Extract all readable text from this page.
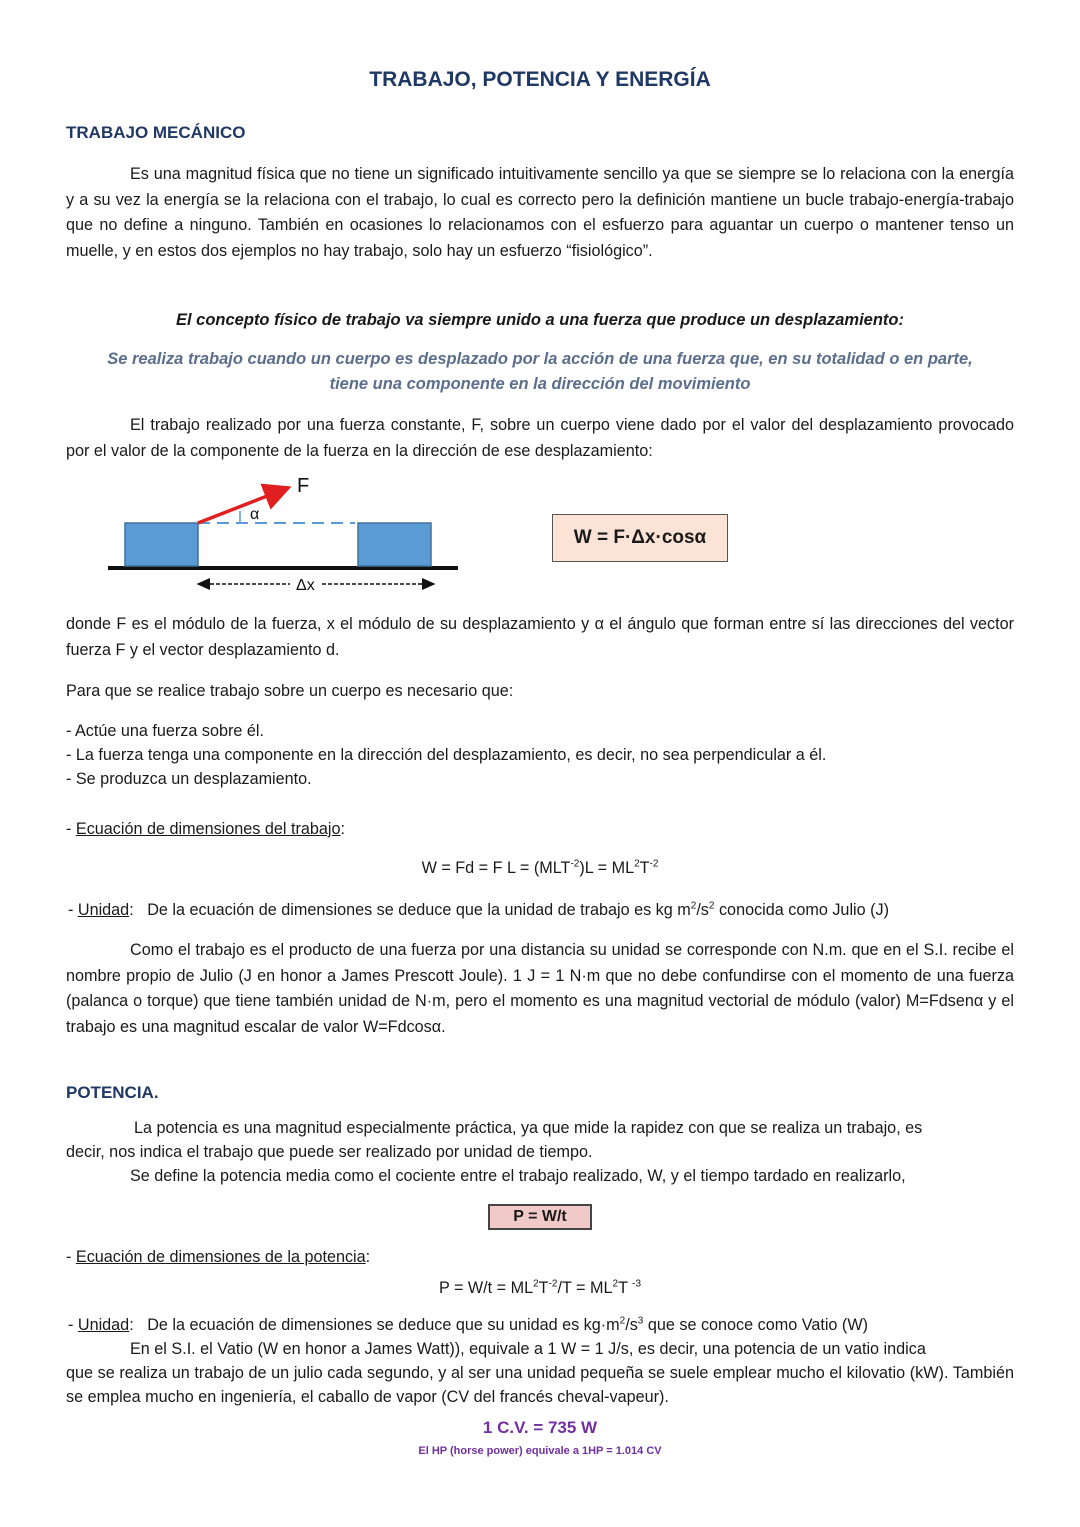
TRABAJO, POTENCIA Y ENERGÍA
TRABAJO MECÁNICO
Es una magnitud física que no tiene un significado intuitivamente sencillo ya que se siempre se lo relaciona con la energía y a su vez la energía se la relaciona con el trabajo, lo cual es correcto pero la definición mantiene un bucle trabajo-energía-trabajo que no define a ninguno. También en ocasiones lo relacionamos con el esfuerzo para aguantar un cuerpo o mantener tenso un muelle, y en estos dos ejemplos no hay trabajo, solo hay un esfuerzo “fisiológico”.
El concepto físico de trabajo va siempre unido a una fuerza que produce un desplazamiento:
Se realiza trabajo cuando un cuerpo es desplazado por la acción de una fuerza que, en su totalidad o en parte,
tiene una componente en la dirección del movimiento
El trabajo realizado por una fuerza constante, F, sobre un cuerpo viene dado por el valor del desplazamiento provocado por el valor de la componente de la fuerza en la dirección de ese desplazamiento:
F
α
Δx
W = F·Δx·cosα
donde F es el módulo de la fuerza, x el módulo de su desplazamiento y α el ángulo que forman entre sí las direcciones del vector fuerza F y el vector desplazamiento d.
Para que se realice trabajo sobre un cuerpo es necesario que:
- Actúe una fuerza sobre él.
- La fuerza tenga una componente en la dirección del desplazamiento, es decir, no sea perpendicular a él.
- Se produzca un desplazamiento.
- Ecuación de dimensiones del trabajo:
W = Fd = F $L = (MLT^{-2})L = ML^2T^{-2}$
- Unidad: De la ecuación de dimensiones se deduce que la unidad de trabajo es kg $m^2/s^2$ conocida como Julio (J)
Como el trabajo es el producto de una fuerza por una distancia su unidad se corresponde con N.m. que en el S.I. recibe el nombre propio de Julio (J en honor a James Prescott Joule). 1 J = 1 N·m que no debe confundirse con el momento de una fuerza (palanca o torque) que tiene también unidad de N·m, pero el momento es una magnitud vectorial de módulo (valor) M=Fdsenα y el trabajo es una magnitud escalar de valor W=Fdcosα.
POTENCIA.
La potencia es una magnitud especialmente práctica, ya que mide la rapidez con que se realiza un trabajo, es
decir, nos indica el trabajo que puede ser realizado por unidad de tiempo.
Se define la potencia media como el cociente entre el trabajo realizado, W, y el tiempo tardado en realizarlo,
P = W/t
- Ecuación de dimensiones de la potencia:
$P = W/t = ML^2T^{-2}/T = ML^2T$ $^{-3}$
- Unidad: De la ecuación de dimensiones se deduce que su unidad es $kg\cdot m^2/s^3$ que se conoce como Vatio (W)
En el S.I. el Vatio (W en honor a James Watt)), equivale a 1 W = 1 J/s, es decir, una potencia de un vatio indica
que se realiza un trabajo de un julio cada segundo, y al ser una unidad pequeña se suele emplear mucho el kilovatio (kW). También se emplea mucho en ingeniería, el caballo de vapor (CV del francés cheval-vapeur).
1 C.V. = 735 W
El HP (horse power) equivale a 1HP = 1.014 CV
